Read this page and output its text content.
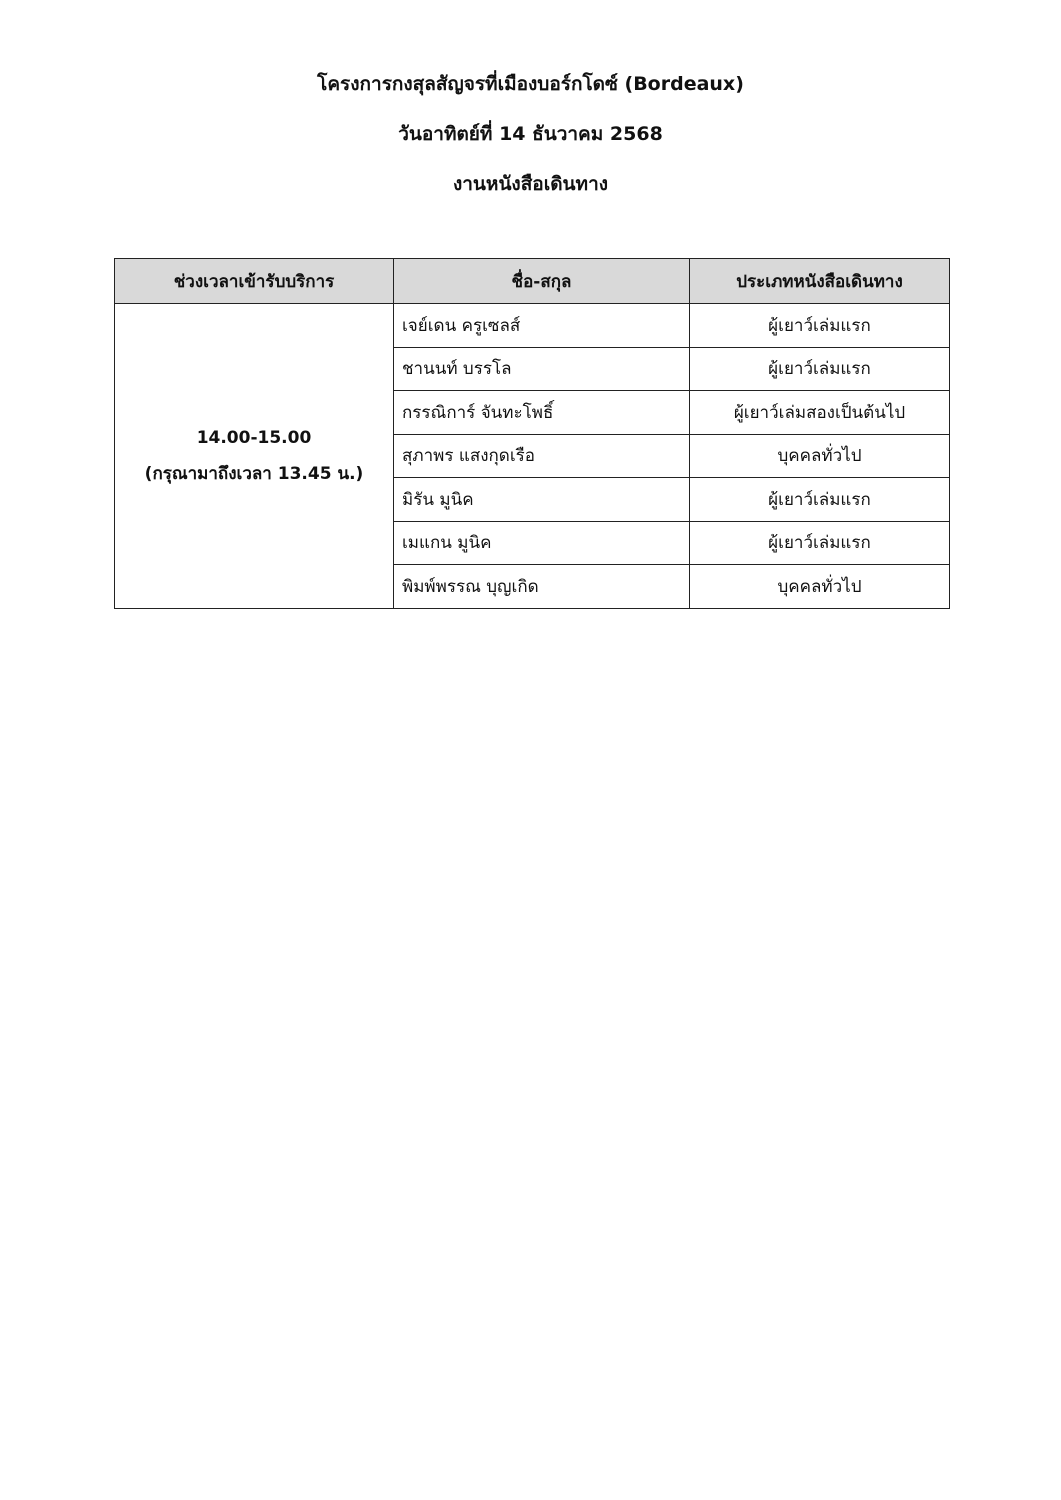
โครงการกงสุลสัญจรที่เมืองบอร์กโดซ์ (Bordeaux)
วันอาทิตย์ที่ 14 ธันวาคม 2568
งานหนังสือเดินทาง
ช่วงเวลาเข้ารับบริการ	ชื่อ-สกุล	ประเภทหนังสือเดินทาง

14.00-15.00
(กรุณามาถึงเวลา 13.45 น.)	เจย์เดน ครูเซลส์	ผู้เยาว์เล่มแรก
	ชานนท์ บรรโล	ผู้เยาว์เล่มแรก
	กรรณิการ์ จันทะโพธิ์	ผู้เยาว์เล่มสองเป็นต้นไป
	สุภาพร แสงกุดเรือ	บุคคลทั่วไป
	มิรัน มูนิค	ผู้เยาว์เล่มแรก
	เมแกน มูนิค	ผู้เยาว์เล่มแรก
	พิมพ์พรรณ บุญเกิด	บุคคลทั่วไป
